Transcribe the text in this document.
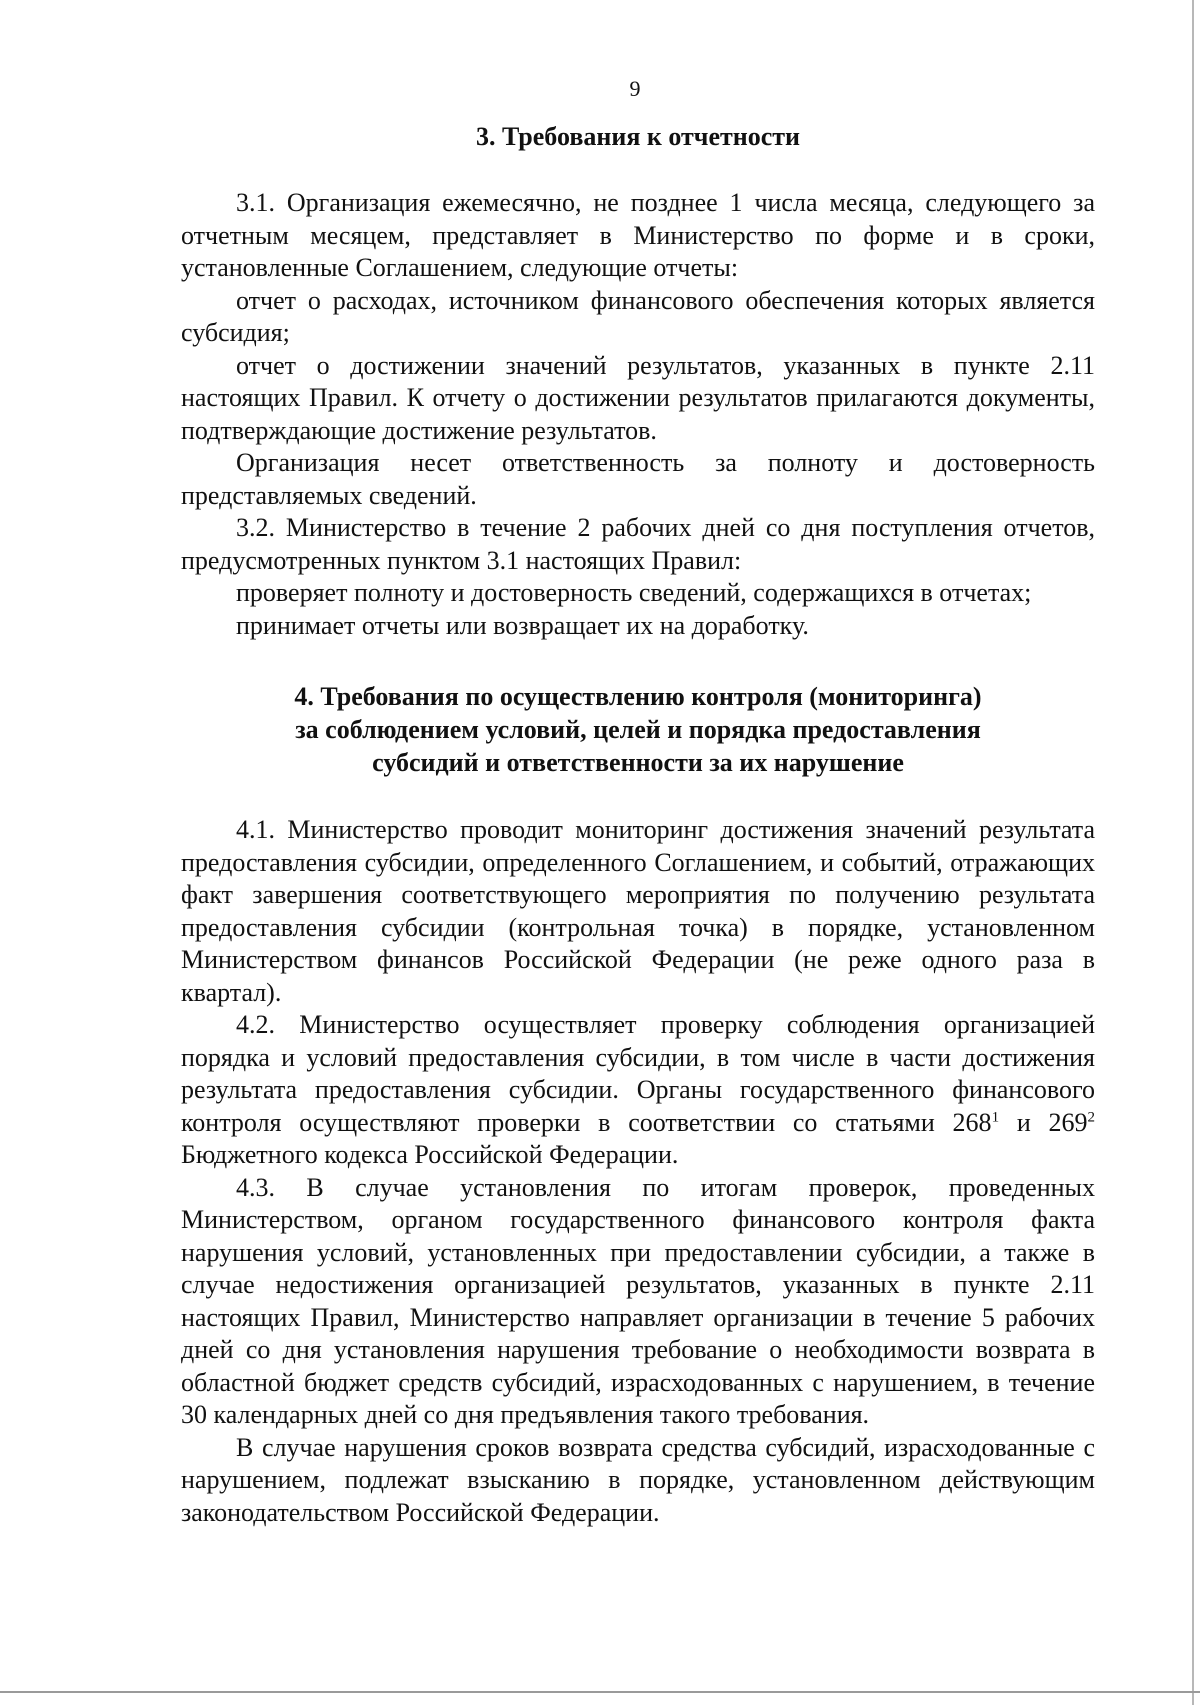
9
3. Требования к отчетности

3.1. Организация ежемесячно, не позднее 1 числа месяца, следующего за отчетным месяцем, представляет в Министерство по форме и в сроки, установленные Соглашением, следующие отчеты:

отчет о расходах, источником финансового обеспечения которых является субсидия;

отчет о достижении значений результатов, указанных в пункте 2.11 настоящих Правил. К отчету о достижении результатов прилагаются документы, подтверждающие достижение результатов.

Организация несет ответственность за полноту и достоверность представляемых сведений.

3.2. Министерство в течение 2 рабочих дней со дня поступления отчетов, предусмотренных пунктом 3.1 настоящих Правил:

проверяет полноту и достоверность сведений, содержащихся в отчетах;

принимает отчеты или возвращает их на доработку.

4. Требования по осуществлению контроля (мониторинга)
за соблюдением условий, целей и порядка предоставления
субсидий и ответственности за их нарушение

4.1. Министерство проводит мониторинг достижения значений результата предоставления субсидии, определенного Соглашением, и событий, отражающих факт завершения соответствующего мероприятия по получению результата предоставления субсидии (контрольная точка) в порядке, установленном Министерством финансов Российской Федерации (не реже одного раза в квартал).

4.2. Министерство осуществляет проверку соблюдения организацией порядка и условий предоставления субсидии, в том числе в части достижения результата предоставления субсидии. Органы государственного финансового контроля осуществляют проверки в соответствии со статьями $268^1$ и $269^2$ Бюджетного кодекса Российской Федерации.

4.3. В случае установления по итогам проверок, проведенных Министерством, органом государственного финансового контроля факта нарушения условий, установленных при предоставлении субсидии, а также в случае недостижения организацией результатов, указанных в пункте 2.11 настоящих Правил, Министерство направляет организации в течение 5 рабочих дней со дня установления нарушения требование о необходимости возврата в областной бюджет средств субсидий, израсходованных с нарушением, в течение 30 календарных дней со дня предъявления такого требования.

В случае нарушения сроков возврата средства субсидий, израсходованные с нарушением, подлежат взысканию в порядке, установленном действующим законодательством Российской Федерации.
